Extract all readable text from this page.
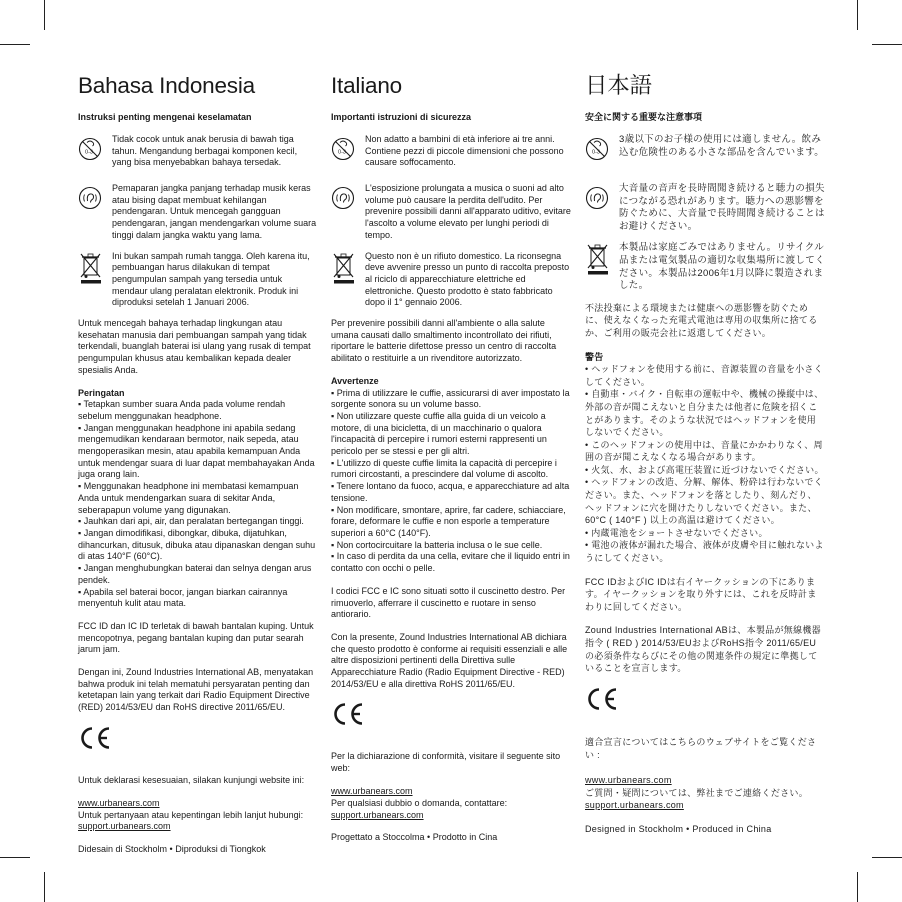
Bahasa Indonesia
Instruksi penting mengenai keselamatan
0-3
Tidak cocok untuk anak berusia di bawah tiga tahun. Mengandung berbagai komponen kecil, yang bisa menyebabkan bahaya tersedak.
Pemaparan jangka panjang terhadap musik keras atau bising dapat membuat kehilangan pendengaran. Untuk mencegah gangguan pendengaran, jangan mendengarkan volume suara tinggi dalam jangka waktu yang lama.
Ini bukan sampah rumah tangga. Oleh karena itu, pembuangan harus dilakukan di tempat pengumpulan sampah yang tersedia untuk mendaur ulang peralatan elektronik. Produk ini diproduksi setelah 1 Januari 2006.
Untuk mencegah bahaya terhadap lingkungan atau kesehatan manusia dari pembuangan sampah yang tidak terkendali, buanglah baterai isi ulang yang rusak di tempat pengumpulan khusus atau kembalikan kepada dealer spesialis Anda.
Peringatan
▪ Tetapkan sumber suara Anda pada volume rendah sebelum menggunakan headphone.
▪ Jangan menggunakan headphone ini apabila sedang mengemudikan kendaraan bermotor, naik sepeda, atau mengoperasikan mesin, atau apabila kemampuan Anda untuk mendengar suara di luar dapat membahayakan Anda juga orang lain.
▪ Menggunakan headphone ini membatasi kemampuan Anda untuk mendengarkan suara di sekitar Anda, seberapapun volume yang digunakan.
▪ Jauhkan dari api, air, dan peralatan bertegangan tinggi.
▪ Jangan dimodifikasi, dibongkar, dibuka, dijatuhkan, dihancurkan, ditusuk, dibuka atau dipanaskan dengan suhu di atas 140°F (60°C).
▪ Jangan menghubungkan baterai dan selnya dengan arus pendek.
▪ Apabila sel baterai bocor, jangan biarkan cairannya menyentuh kulit atau mata.
FCC ID dan IC ID terletak di bawah bantalan kuping. Untuk mencopotnya, pegang bantalan kuping dan putar searah jarum jam.
Dengan ini, Zound Industries International AB, menyatakan bahwa produk ini telah mematuhi persyaratan penting dan ketetapan lain yang terkait dari Radio Equipment Directive (RED) 2014/53/EU dan RoHS directive 2011/65/EU.

Untuk deklarasi kesesuaian, silakan kunjungi website ini:

www.urbanears.com
Untuk pertanyaan atau kepentingan lebih lanjut hubungi:
support.urbanears.com

Didesain di Stockholm • Diproduksi di Tiongkok
Italiano
Importanti istruzioni di sicurezza
0-3
Non adatto a bambini di età inferiore ai tre anni. Contiene pezzi di piccole dimensioni che possono causare soffocamento.
L'esposizione prolungata a musica o suoni ad alto volume può causare la perdita dell'udito. Per prevenire possibili danni all'apparato uditivo, evitare l'ascolto a volume elevato per lunghi periodi di tempo.
Questo non è un rifiuto domestico. La riconsegna deve avvenire presso un punto di raccolta preposto al riciclo di apparecchiature elettriche ed elettroniche. Questo prodotto è stato fabbricato dopo il 1° gennaio 2006.
Per prevenire possibili danni all'ambiente o alla salute umana causati dallo smaltimento incontrollato dei rifiuti, riportare le batterie difettose presso un centro di raccolta abilitato o restituirle a un rivenditore autorizzato.
Avvertenze
▪ Prima di utilizzare le cuffie, assicurarsi di aver impostato la sorgente sonora su un volume basso.
▪ Non utilizzare queste cuffie alla guida di un veicolo a motore, di una bicicletta, di un macchinario o qualora l'incapacità di percepire i rumori esterni rappresenti un pericolo per se stessi e per gli altri.
▪ L'utilizzo di queste cuffie limita la capacità di percepire i rumori circostanti, a prescindere dal volume di ascolto.
▪ Tenere lontano da fuoco, acqua, e apparecchiature ad alta tensione.
▪ Non modificare, smontare, aprire, far cadere, schiacciare, forare, deformare le cuffie e non esporle a temperature superiori a 60°C (140°F).
▪ Non cortocircuitare la batteria inclusa o le sue celle.
▪ In caso di perdita da una cella, evitare che il liquido entri in contatto con occhi o pelle.
I codici FCC e IC sono situati sotto il cuscinetto destro. Per rimuoverlo, afferrare il cuscinetto e ruotare in senso antiorario.
Con la presente, Zound Industries International AB dichiara che questo prodotto è conforme ai requisiti essenziali e alle altre disposizioni pertinenti della Direttiva sulle Apparecchiature Radio (Radio Equipment Directive - RED) 2014/53/EU e alla direttiva RoHS 2011/65/EU.

Per la dichiarazione di conformità, visitare il seguente sito web:

www.urbanears.com
Per qualsiasi dubbio o domanda, contattare:
support.urbanears.com

Progettato a Stoccolma • Prodotto in Cina
日本語
安全に関する重要な注意事項
0-3
3歳以下のお子様の使用には適しません。飲み込む危険性のある小さな部品を含んでいます。
大音量の音声を長時間聞き続けると聴力の損失につながる恐れがあります。聴力への悪影響を防ぐために、大音量で長時間聞き続けることはお避けください。
本製品は家庭ごみではありません。リサイクル品または電気製品の適切な収集場所に渡してください。本製品は2006年1月以降に製造されました。
不法投棄による環境または健康への悪影響を防ぐために、使えなくなった充電式電池は専用の収集所に捨てるか、ご利用の販売会社に返還してください。
警告
• ヘッドフォンを使用する前に、音源装置の音量を小さくしてください。
• 自動車・バイク・自転車の運転中や、機械の操縦中は、外部の音が聞こえないと自分または他者に危険を招くことがあります。そのような状況ではヘッドフォンを使用しないでください。
• このヘッドフォンの使用中は、音量にかかわりなく、周囲の音が聞こえなくなる場合があります。
• 火気、水、および高電圧装置に近づけないでください。
• ヘッドフォンの改造、分解、解体、粉砕は行わないでください。また、ヘッドフォンを落としたり、刻んだり、ヘッドフォンに穴を開けたりしないでください。また、60°C ( 140°F ) 以上の高温は避けてください。
• 内蔵電池をショートさせないでください。
• 電池の液体が漏れた場合、液体が皮膚や目に触れないようにしてください。
FCC IDおよびIC IDは右イヤークッションの下にあります。イヤークッションを取り外すには、これを反時計まわりに回してください。
Zound Industries International ABは、本製品が無線機器指令 ( RED ) 2014/53/EUおよびRoHS指令 2011/65/EUの必須条件ならびにその他の関連条件の規定に準拠していることを宣言します。

適合宣言についてはこちらのウェブサイトをご覧ください :

www.urbanears.com
ご質問・疑問については、弊社までご連絡ください。
support.urbanears.com

Designed in Stockholm • Produced in China
